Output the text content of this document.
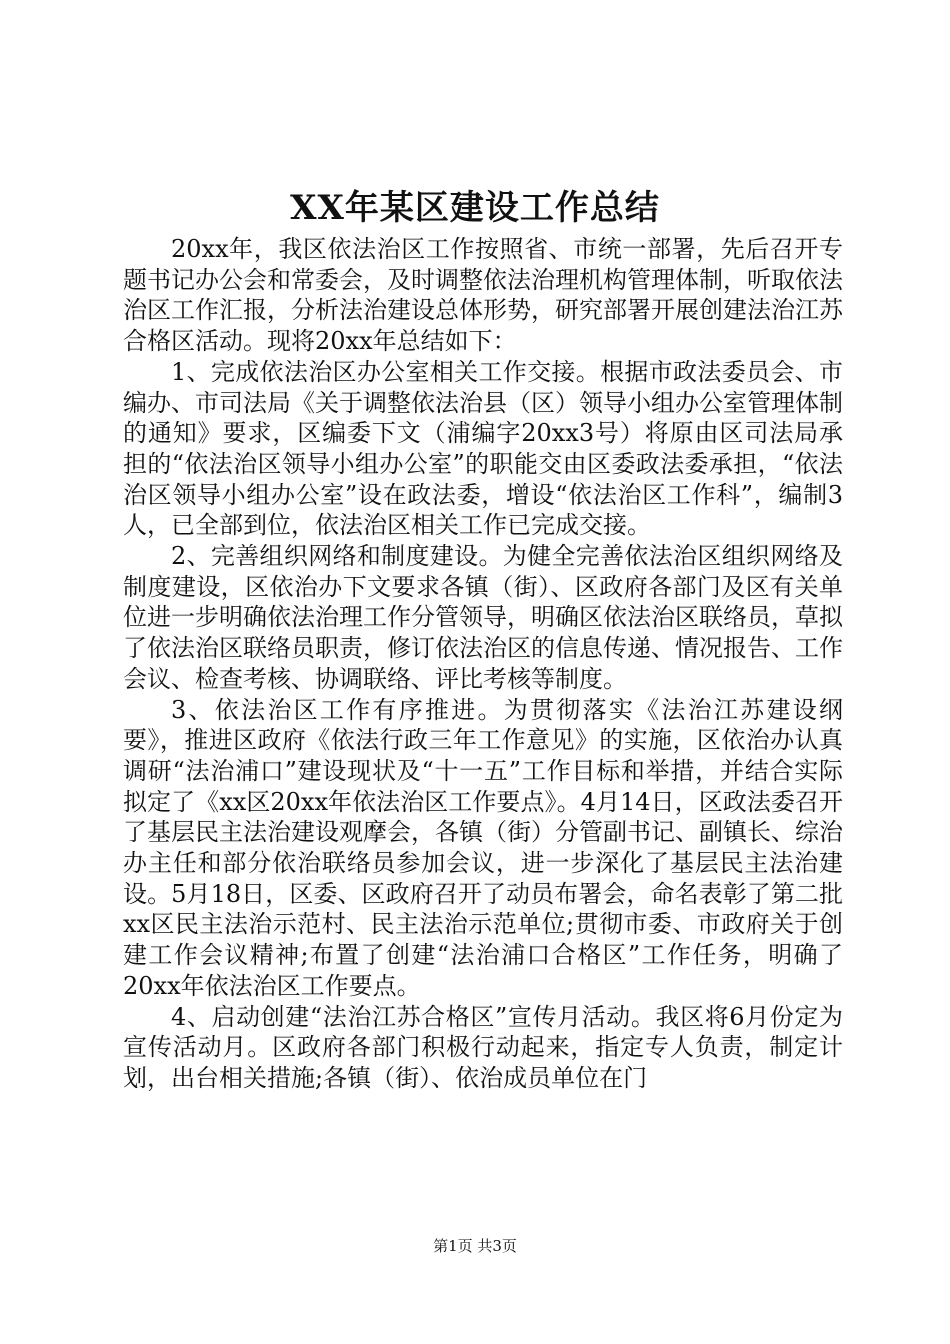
XX年某区建设工作总结

20xx年，我区依法治区工作按照省、市统一部署，先后召开专题书记办公会和常委会，及时调整依法治理机构管理体制，听取依法治区工作汇报，分析法治建设总体形势，研究部署开展创建法治江苏合格区活动。现将20xx年总结如下：

1、完成依法治区办公室相关工作交接。根据市政法委员会、市编办、市司法局《关于调整依法治县（区）领导小组办公室管理体制的通知》要求，区编委下文（浦编字20xx3号）将原由区司法局承担的“依法治区领导小组办公室”的职能交由区委政法委承担，“依法治区领导小组办公室”设在政法委，增设“依法治区工作科”，编制3人，已全部到位，依法治区相关工作已完成交接。

2、完善组织网络和制度建设。为健全完善依法治区组织网络及制度建设，区依治办下文要求各镇（街）、区政府各部门及区有关单位进一步明确依法治理工作分管领导，明确区依法治区联络员，草拟了依法治区联络员职责，修订依法治区的信息传递、情况报告、工作会议、检查考核、协调联络、评比考核等制度。

3、依法治区工作有序推进。为贯彻落实《法治江苏建设纲要》，推进区政府《依法行政三年工作意见》的实施，区依治办认真调研“法治浦口”建设现状及“十一五”工作目标和举措，并结合实际拟定了《xx区20xx年依法治区工作要点》。4月14日，区政法委召开了基层民主法治建设观摩会，各镇（街）分管副书记、副镇长、综治办主任和部分依治联络员参加会议，进一步深化了基层民主法治建设。5月18日，区委、区政府召开了动员布署会，命名表彰了第二批xx区民主法治示范村、民主法治示范单位;贯彻市委、市政府关于创建工作会议精神;布置了创建“法治浦口合格区”工作任务，明确了20xx年依法治区工作要点。

4、启动创建“法治江苏合格区”宣传月活动。我区将6月份定为宣传活动月。区政府各部门积极行动起来，指定专人负责，制定计划，出台相关措施;各镇（街）、依治成员单位在门

第1页 共3页
